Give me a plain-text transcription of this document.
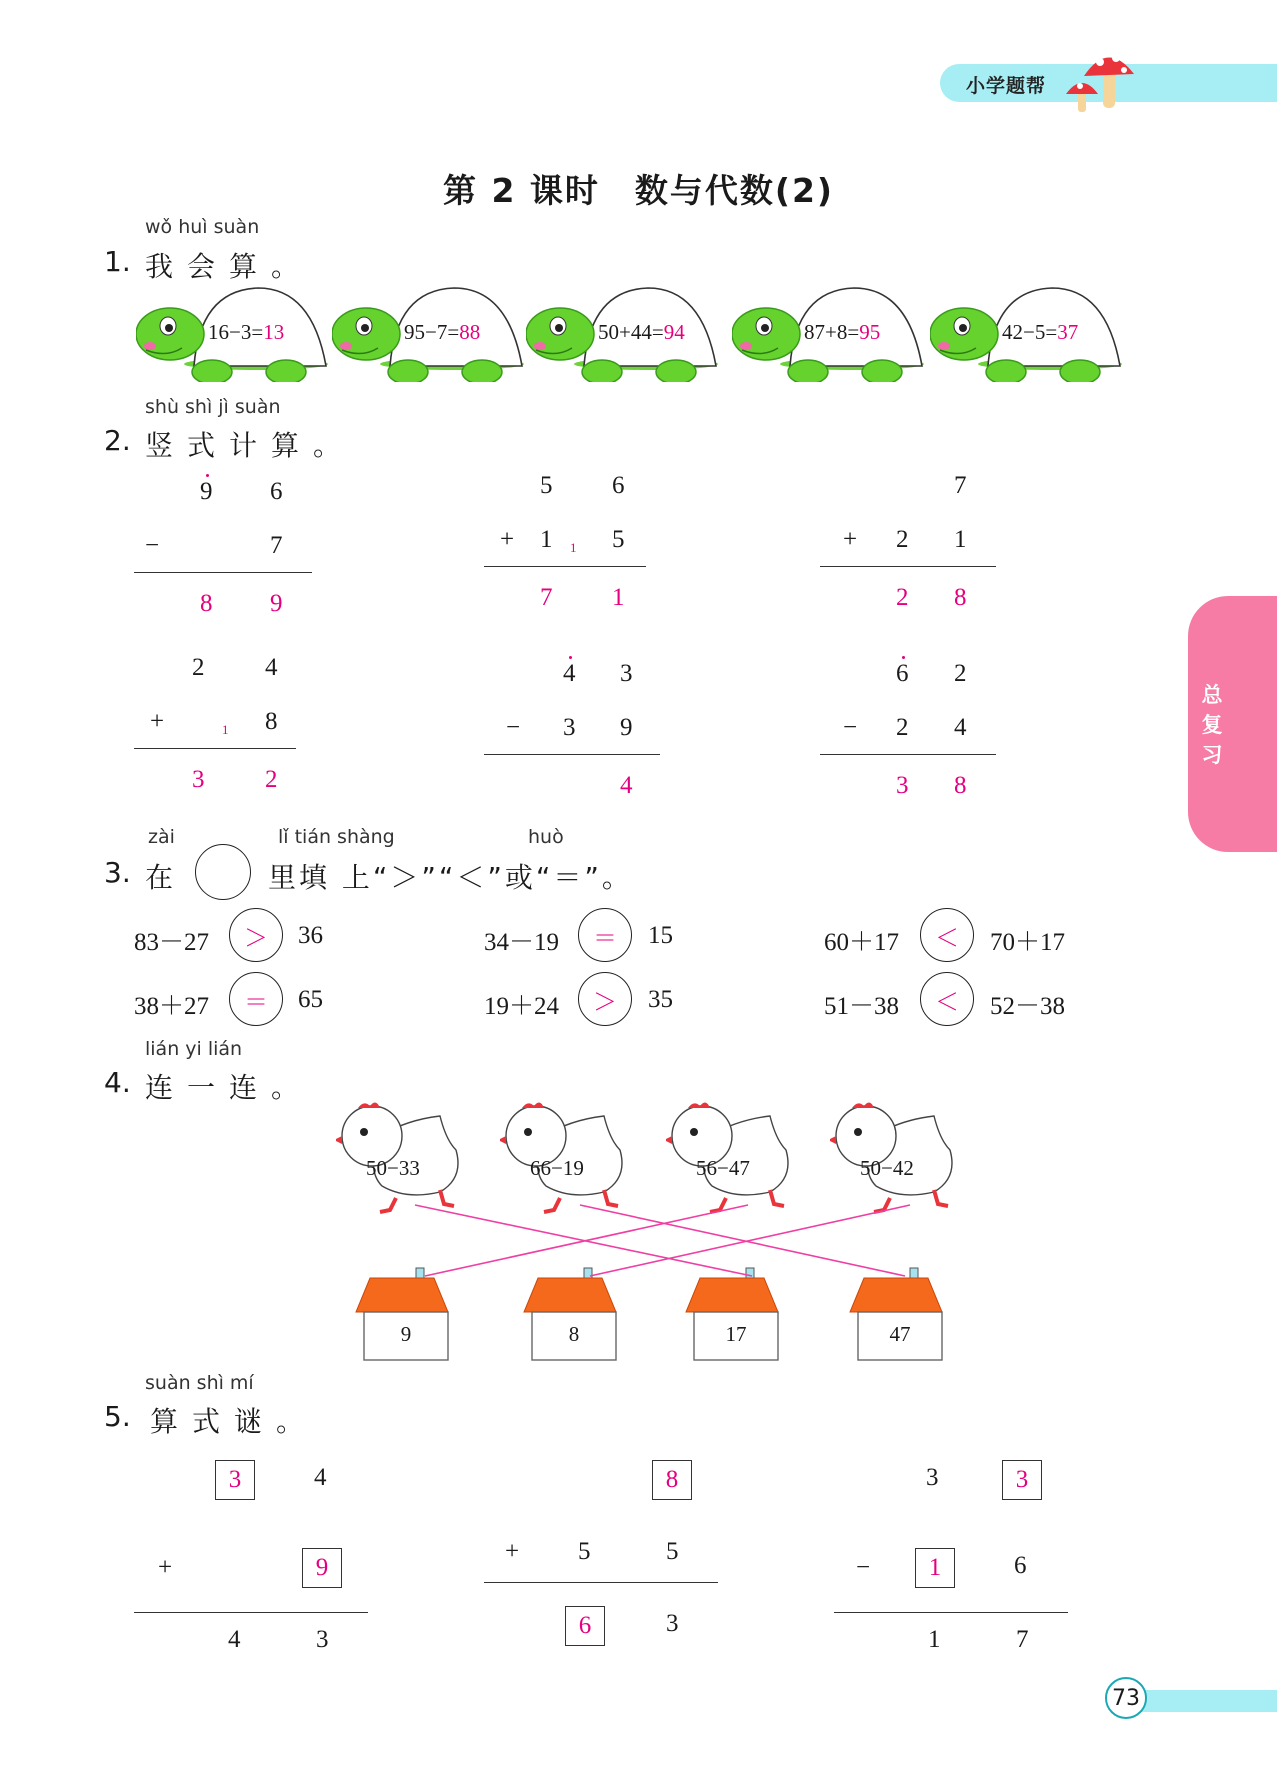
小学题帮
第 2 课时　数与代数(2)
wǒ huì suàn
1. 我会算。
16−3=13	95−7=88	50+44=94	87+8=95	42−5=37
shù shì jì suàn
2. 竖式计算。
9 6
−	7
8 9
5 6
+ 1 5
1
7 1
7
+ 2 1
2 8
2 4
+	8
1
3 2
4 3
− 3 9
4
6 2
− 2 4
3 8
总复习
zài	lǐ tián shàng	huò
3. 在	里填 上“＞”“＜”或“＝”。
83－27	＞	36	34－19	＝	15	60＋17	＜	70＋17
38＋27	＝	65	19＋24	＞	35	51－38	＜	52－38
lián yi lián
4. 连一连。
50−33	66−19	56−47	50−42
9	8	17	47
suàn shì mí
5. 算式谜。
3	4
+	9
4	3
8
+ 5	5
6	3
3	3
−	1	6
1	7
73
